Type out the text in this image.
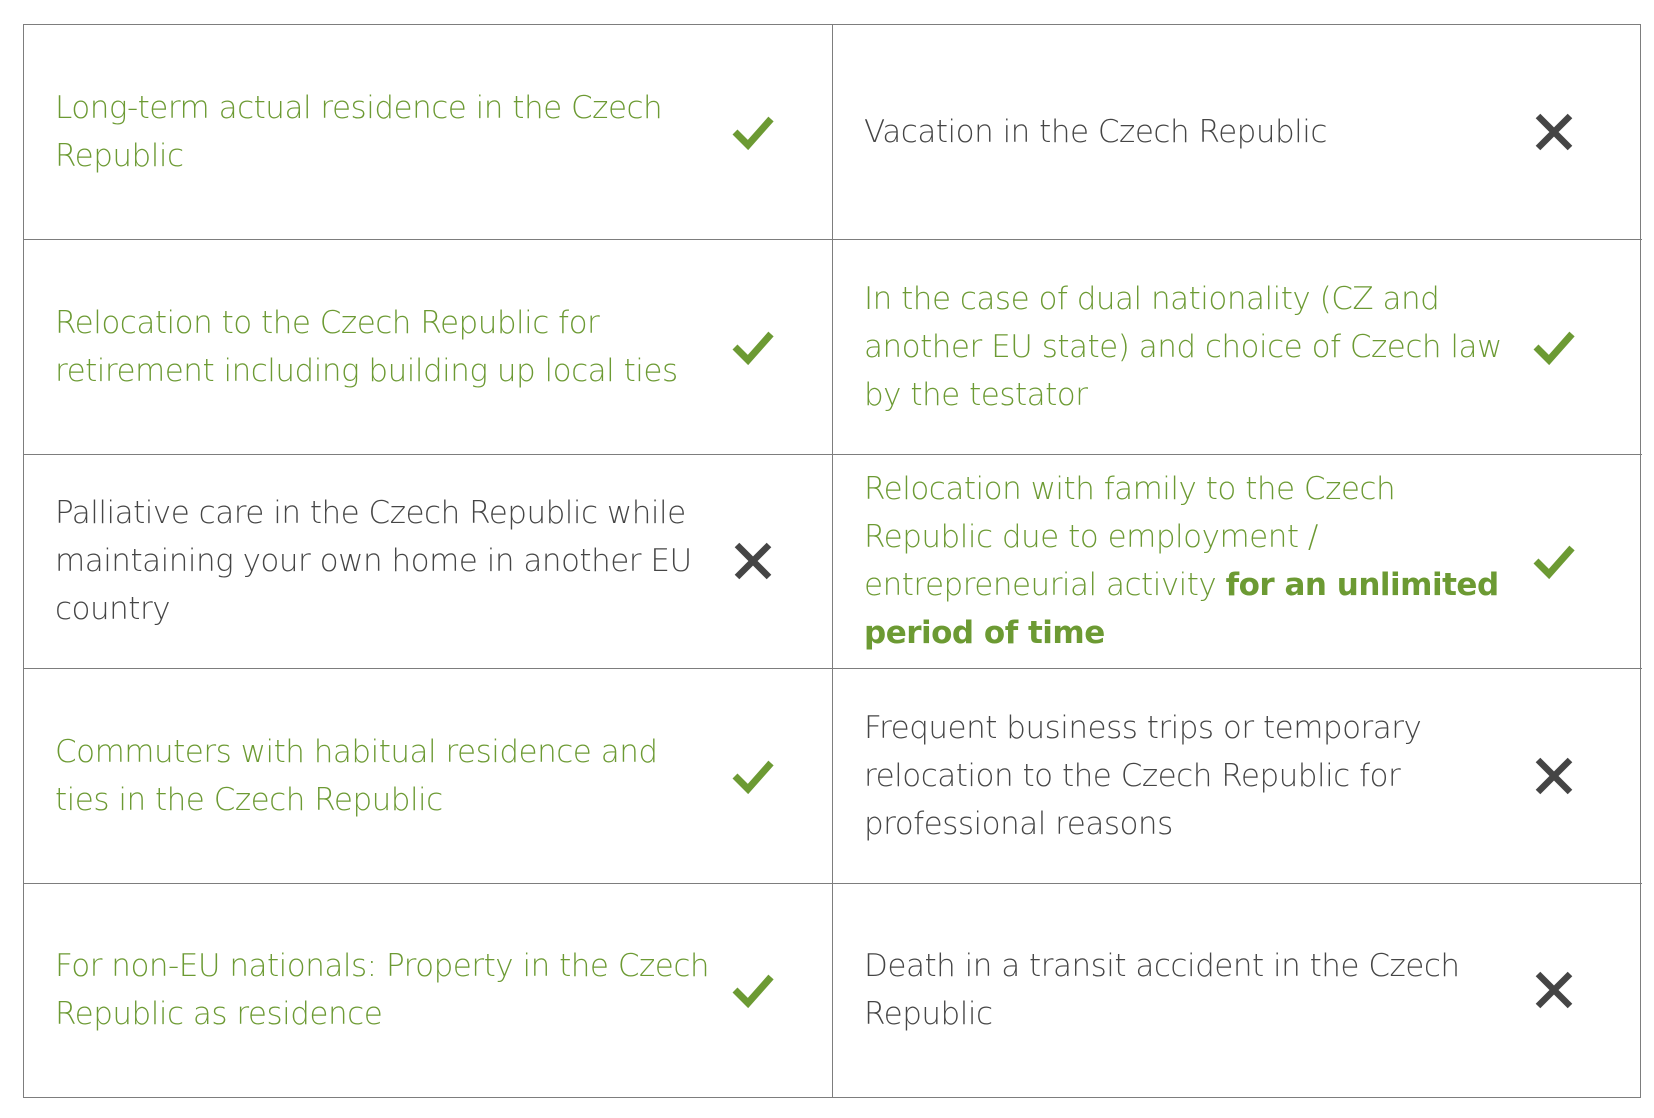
Long-term actual residence in the Czech Republic
Vacation in the Czech Republic
Relocation to the Czech Republic for retirement including building up local ties
In the case of dual nationality (CZ and another EU state) and choice of Czech law by the testator
Palliative care in the Czech Republic while maintaining your own home in another EU country
Relocation with family to the Czech Republic due to employment / entrepreneurial activity for an unlimited period of time
Commuters with habitual residence and ties in the Czech Republic
Frequent business trips or temporary relocation to the Czech Republic for professional reasons
For non-EU nationals: Property in the Czech Republic as residence
Death in a transit accident in the Czech Republic
